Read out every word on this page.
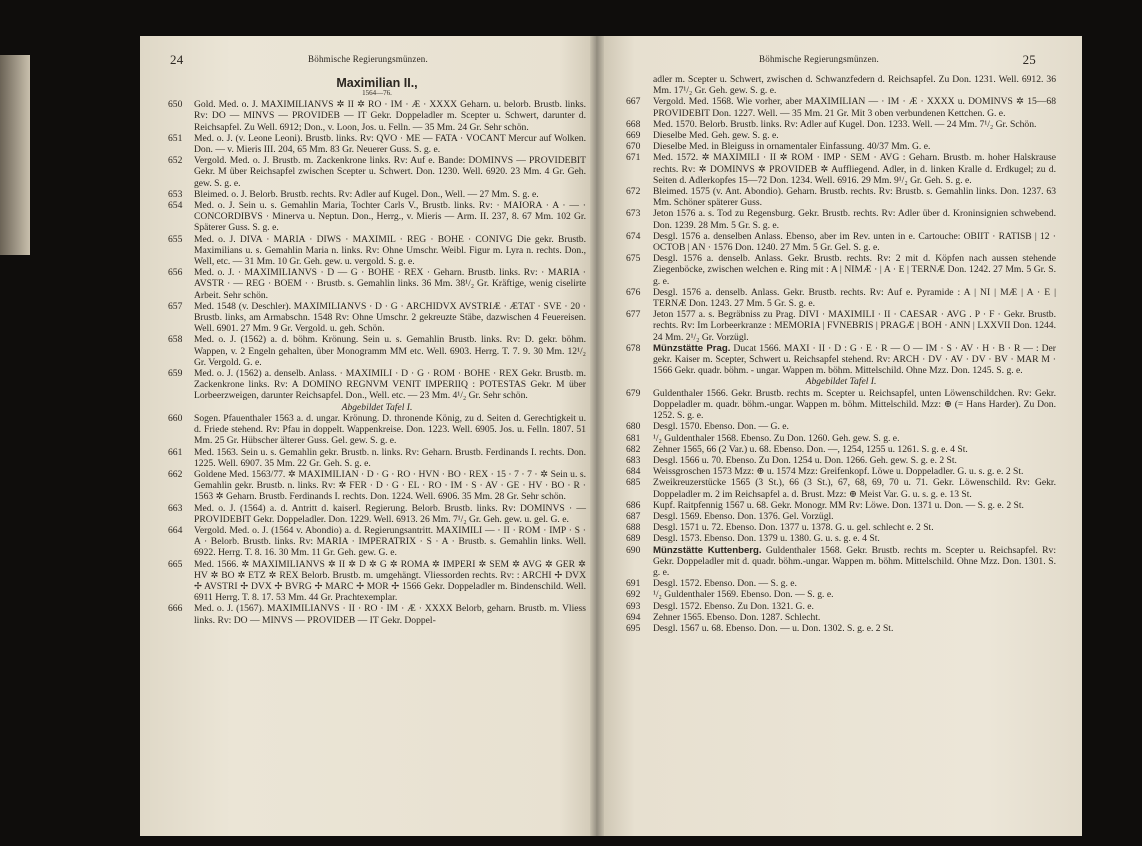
24	Böhmische Regierungsmünzen.
Maximilian II.,
1564—76.
650 Gold. Med. o. J. MAXIMILIANVS ✲ II ✲ RO · IM · Æ · XXXX Geharn. u. belorb. Brustb. links. Rv: DO — MINVS — PROVIDEB — IT Gekr. Doppeladler m. Scepter u. Schwert, darunter d. Reichsapfel. Zu Well. 6912; Don., v. Loon, Jos. u. Felln. — 35 Mm. 24 Gr. Sehr schön.
651 Med. o. J. (v. Leone Leoni). Brustb. links. Rv: QVO · ME — FATA · VOCANT Mercur auf Wolken. Don. — v. Mieris III. 204, 65 Mm. 83 Gr. Neuerer Guss. S. g. e.
652 Vergold. Med. o. J. Brustb. m. Zackenkrone links. Rv: Auf e. Bande: DOMINVS — PROVIDEBIT Gekr. M über Reichsapfel zwischen Scepter u. Schwert. Don. 1230. Well. 6920. 23 Mm. 4 Gr. Geh. gew. S. g. e.
653 Bleimed. o. J. Belorb. Brustb. rechts. Rv: Adler auf Kugel. Don., Well. — 27 Mm. S. g. e.
654 Med. o. J. Sein u. s. Gemahlin Maria, Tochter Carls V., Brustb. links. Rv: · MAIORA · A · — · CONCORDIBVS · Minerva u. Neptun. Don., Herrg., v. Mieris — Arm. II. 237, 8. 67 Mm. 102 Gr. Späterer Guss. S. g. e.
655 Med. o. J. DIVA · MARIA · DIWS · MAXIMIL · REG · BOHE · CONIVG Die gekr. Brustb. Maximilians u. s. Gemahlin Maria n. links. Rv: Ohne Umschr. Weibl. Figur m. Lyra n. rechts. Don., Well, etc. — 31 Mm. 10 Gr. Geh. gew. u. vergold. S. g. e.
656 Med. o. J. · MAXIMILIANVS · D — G · BOHE · REX · Geharn. Brustb. links. Rv: · MARIA · AVSTR · — REG · BOEM · · Brustb. s. Gemahlin links. 36 Mm. 38¹/₂ Gr. Kräftige, wenig ciselirte Arbeit. Sehr schön.
657 Med. 1548 (v. Deschler). MAXIMILIANVS · D · G · ARCHIDVX AVSTRIÆ · ÆTAT · SVE · 20 · Brustb. links, am Armabschn. 1548 Rv: Ohne Umschr. 2 gekreuzte Stäbe, dazwischen 4 Feuereisen. Well. 6901. 27 Mm. 9 Gr. Vergold. u. geh. Schön.
658 Med. o. J. (1562) a. d. böhm. Krönung. Sein u. s. Gemahlin Brustb. links. Rv: D. gekr. böhm. Wappen, v. 2 Engeln gehalten, über Monogramm MM etc. Well. 6903. Herrg. T. 7. 9. 30 Mm. 12¹/₂ Gr. Vergold. G. e.
659 Med. o. J. (1562) a. denselb. Anlass. · MAXIMILI · D · G · ROM · BOHE · REX Gekr. Brustb. m. Zackenkrone links. Rv: A DOMINO REGNVM VENIT IMPERIIQ : POTESTAS Gekr. M über Lorbeerzweigen, darunter Reichsapfel. Don., Well. etc. — 23 Mm. 4¹/₂ Gr. Sehr schön.
Abgebildet Tafel I.
660 Sogen. Pfauenthaler 1563 a. d. ungar. Krönung. D. thronende König, zu d. Seiten d. Gerechtigkeit u. d. Friede stehend. Rv: Pfau in doppelt. Wappenkreise. Don. 1223. Well. 6905. Jos. u. Felln. 1807. 51 Mm. 25 Gr. Hübscher älterer Guss. Gel. gew. S. g. e.
661 Med. 1563. Sein u. s. Gemahlin gekr. Brustb. n. links. Rv: Geharn. Brustb. Ferdinands I. rechts. Don. 1225. Well. 6907. 35 Mm. 22 Gr. Geh. S. g. e.
662 Goldene Med. 1563/77. ✲ MAXIMILIAN · D · G · RO · HVN · BO · REX · 15 · 7 · 7 · ✲ Sein u. s. Gemahlin gekr. Brustb. n. links. Rv: ✲ FER · D · G · EL · RO · IM · S · AV · GE · HV · BO · R · 1563 ✲ Geharn. Brustb. Ferdinands I. rechts. Don. 1224. Well. 6906. 35 Mm. 28 Gr. Sehr schön.
663 Med. o. J. (1564) a. d. Antritt d. kaiserl. Regierung. Belorb. Brustb. links. Rv: DOMINVS · — PROVIDEBIT Gekr. Doppeladler. Don. 1229. Well. 6913. 26 Mm. 7¹/₂ Gr. Geh. gew. u. gel. G. e.
664 Vergold. Med. o. J. (1564 v. Abondio) a. d. Regierungsantritt. MAXIMILI — · II · ROM · IMP · S · A · Belorb. Brustb. links. Rv: MARIA · IMPERATRIX · S · A · Brustb. s. Gemahlin links. Well. 6922. Herrg. T. 8. 16. 30 Mm. 11 Gr. Geh. gew. G. e.
665 Med. 1566. ✲ MAXIMILIANVS ✲ II ✲ D ✲ G ✲ ROMA ✲ IMPERI ✲ SEM ✲ AVG ✲ GER ✲ HV ✲ BO ✲ ETZ ✲ REX Belorb. Brustb. m. umgehängt. Vliessorden rechts. Rv: : ARCHI ✢ DVX ✢ AVSTRI ✢ DVX ✢ BVRG ✢ MARC ✢ MOR ✢ 1566 Gekr. Doppeladler m. Bindenschild. Well. 6911 Herrg. T. 8. 17. 53 Mm. 44 Gr. Prachtexemplar.
666 Med. o. J. (1567). MAXIMILIANVS · II · RO · IM · Æ · XXXX Belorb, geharn. Brustb. m. Vliess links. Rv: DO — MINVS — PROVIDEB — IT Gekr. Doppel-
Böhmische Regierungsmünzen.	25
adler m. Scepter u. Schwert, zwischen d. Schwanzfedern d. Reichsapfel. Zu Don. 1231. Well. 6912. 36 Mm. 17¹/₂ Gr. Geh. gew. S. g. e.
667 Vergold. Med. 1568. Wie vorher, aber MAXIMILIAN — · IM · Æ · XXXX u. DOMINVS ✲ 15—68 PROVIDEBIT Don. 1227. Well. — 35 Mm. 21 Gr. Mit 3 oben verbundenen Kettchen. G. e.
668 Med. 1570. Belorb. Brustb. links. Rv: Adler auf Kugel. Don. 1233. Well. — 24 Mm. 7¹/₂ Gr. Schön.
669 Dieselbe Med. Geh. gew. S. g. e.
670 Dieselbe Med. in Bleiguss in ornamentaler Einfassung. 40/37 Mm. G. e.
671 Med. 1572. ✲ MAXIMILI · II ✲ ROM · IMP · SEM · AVG : Geharn. Brustb. m. hoher Halskrause rechts. Rv: ✲ DOMINVS ✲ PROVIDEB ✲ Auffliegend. Adler, in d. linken Kralle d. Erdkugel; zu d. Seiten d. Adlerkopfes 15—72 Don. 1234. Well. 6916. 29 Mm. 9¹/₂ Gr. Geh. S. g. e.
672 Bleimed. 1575 (v. Ant. Abondio). Geharn. Brustb. rechts. Rv: Brustb. s. Gemahlin links. Don. 1237. 63 Mm. Schöner späterer Guss.
673 Jeton 1576 a. s. Tod zu Regensburg. Gekr. Brustb. rechts. Rv: Adler über d. Kroninsignien schwebend. Don. 1239. 28 Mm. 5 Gr. S. g. e.
674 Desgl. 1576 a. denselben Anlass. Ebenso, aber im Rev. unten in e. Cartouche: OBIIT · RATISB | 12 · OCTOB | AN · 1576 Don. 1240. 27 Mm. 5 Gr. Gel. S. g. e.
675 Desgl. 1576 a. denselb. Anlass. Gekr. Brustb. rechts. Rv: 2 mit d. Köpfen nach aussen stehende Ziegenböcke, zwischen welchen e. Ring mit : A | NIMÆ · | A · E | TERNÆ Don. 1242. 27 Mm. 5 Gr. S. g. e.
676 Desgl. 1576 a. denselb. Anlass. Gekr. Brustb. rechts. Rv: Auf e. Pyramide : A | NI | MÆ | A · E | TERNÆ Don. 1243. 27 Mm. 5 Gr. S. g. e.
677 Jeton 1577 a. s. Begräbniss zu Prag. DIVI · MAXIMILI · II · CAESAR · AVG . P · F · Gekr. Brustb. rechts. Rv: Im Lorbeerkranze : MEMORIA | FVNEBRIS | PRAGÆ | BOH · ANN | LXXVII Don. 1244. 24 Mm. 2¹/₂ Gr. Vorzügl.
678 Münzstätte Prag. Ducat 1566. MAXI · II · D : G · E · R — O — IM · S · AV · H · B · R — : Der gekr. Kaiser m. Scepter, Schwert u. Reichsapfel stehend. Rv: ARCH · DV · AV · DV · BV · MAR M · 1566 Gekr. quadr. böhm. - ungar. Wappen m. böhm. Mittelschild. Ohne Mzz. Don. 1245. S. g. e.
Abgebildet Tafel I.
679 Guldenthaler 1566. Gekr. Brustb. rechts m. Scepter u. Reichsapfel, unten Löwenschildchen. Rv: Gekr. Doppeladler m. quadr. böhm.-ungar. Wappen m. böhm. Mittelschild. Mzz: ⊕ (= Hans Harder). Zu Don. 1252. S. g. e.
680 Desgl. 1570. Ebenso. Don. — G. e.
681 ¹/₂ Guldenthaler 1568. Ebenso. Zu Don. 1260. Geh. gew. S. g. e.
682 Zehner 1565, 66 (2 Var.) u. 68. Ebenso. Don. —, 1254, 1255 u. 1261. S. g. e. 4 St.
683 Desgl. 1566 u. 70. Ebenso. Zu Don. 1254 u. Don. 1266. Geh. gew. S. g. e. 2 St.
684 Weissgroschen 1573 Mzz: ⊕ u. 1574 Mzz: Greifenkopf. Löwe u. Doppeladler. G. u. s. g. e. 2 St.
685 Zweikreuzerstücke 1565 (3 St.), 66 (3 St.), 67, 68, 69, 70 u. 71. Gekr. Löwenschild. Rv: Gekr. Doppeladler m. 2 im Reichsapfel a. d. Brust. Mzz: ⊕ Meist Var. G. u. s. g. e. 13 St.
686 Kupf. Raitpfennig 1567 u. 68. Gekr. Monogr. MM Rv: Löwe. Don. 1371 u. Don. — S. g. e. 2 St.
687 Desgl. 1569. Ebenso. Don. 1376. Gel. Vorzügl.
688 Desgl. 1571 u. 72. Ebenso. Don. 1377 u. 1378. G. u. gel. schlecht e. 2 St.
689 Desgl. 1573. Ebenso. Don. 1379 u. 1380. G. u. s. g. e. 4 St.
690 Münzstätte Kuttenberg. Guldenthaler 1568. Gekr. Brustb. rechts m. Scepter u. Reichsapfel. Rv: Gekr. Doppeladler mit d. quadr. böhm.-ungar. Wappen m. böhm. Mittelschild. Ohne Mzz. Don. 1301. S. g. e.
691 Desgl. 1572. Ebenso. Don. — S. g. e.
692 ¹/₂ Guldenthaler 1569. Ebenso. Don. — S. g. e.
693 Desgl. 1572. Ebenso. Zu Don. 1321. G. e.
694 Zehner 1565. Ebenso. Don. 1287. Schlecht.
695 Desgl. 1567 u. 68. Ebenso. Don. — u. Don. 1302. S. g. e. 2 St.
